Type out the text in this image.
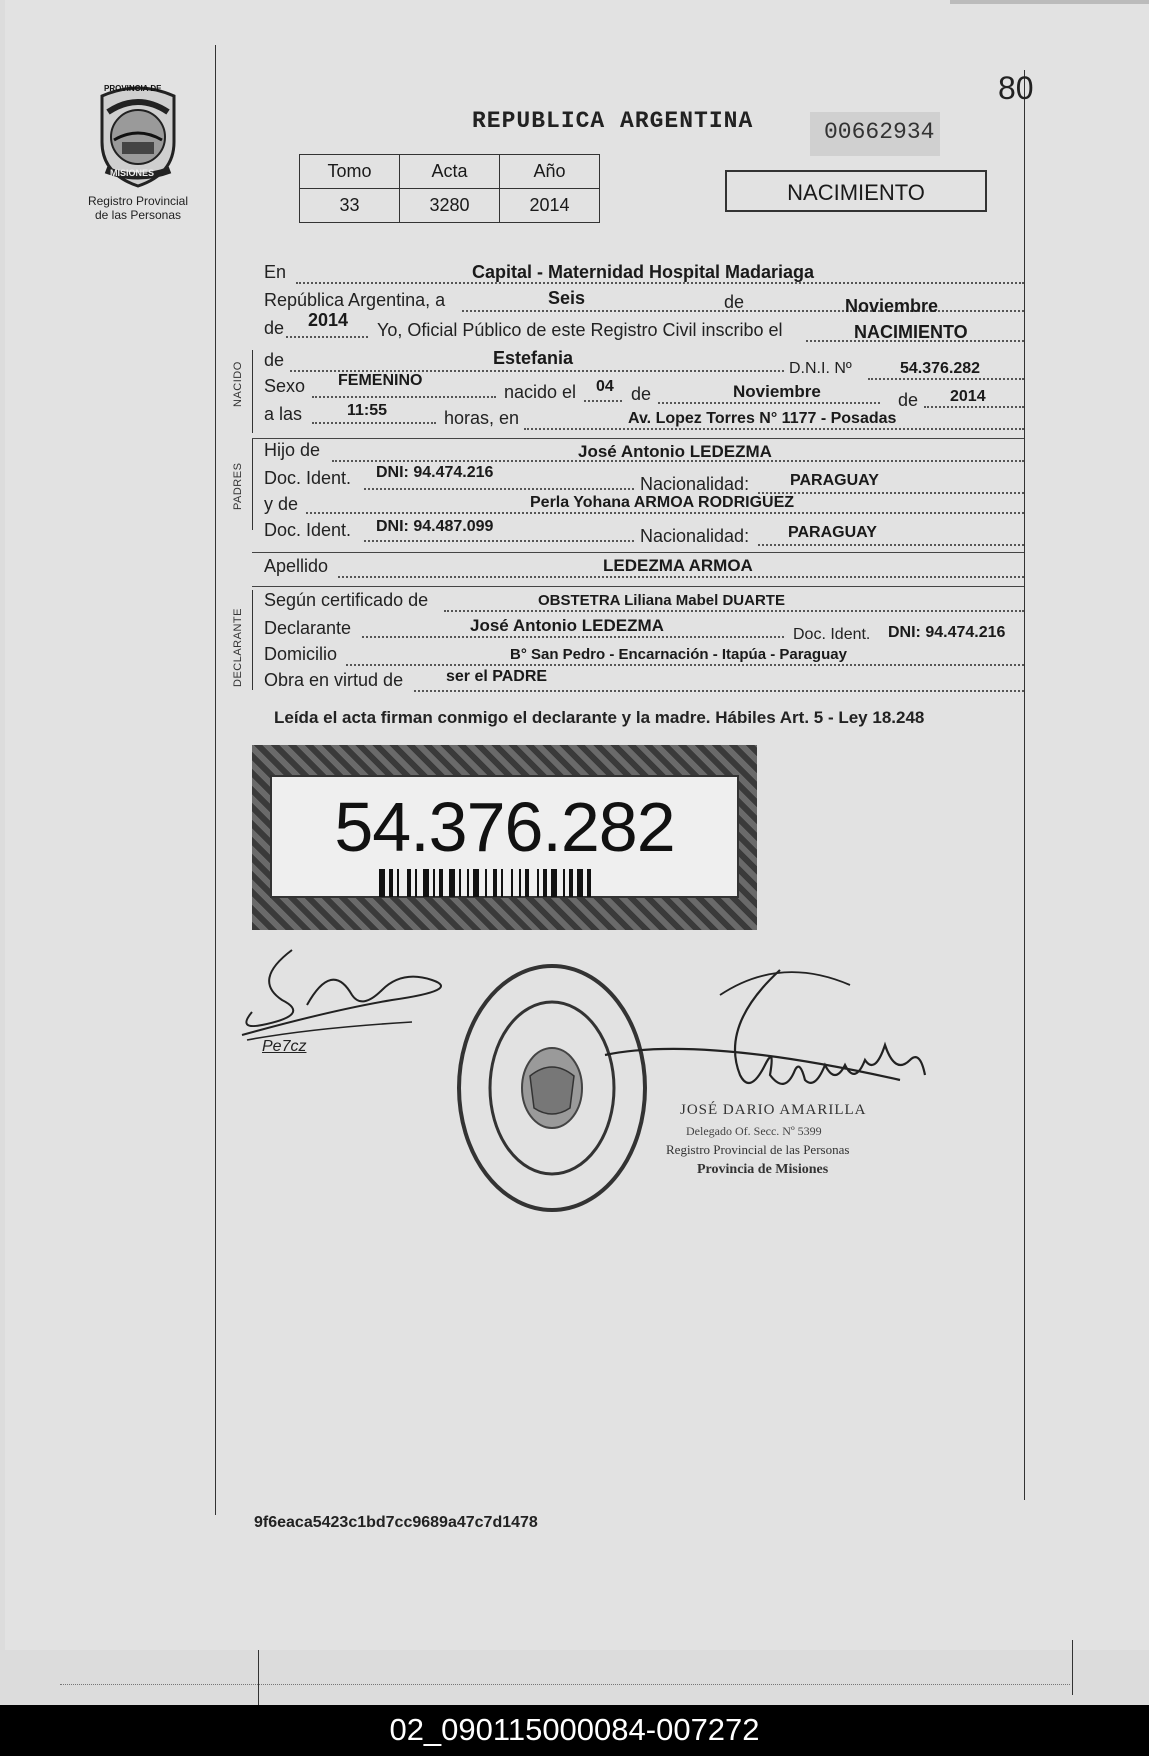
80
PROVINCIA DE
MISIONES
Registro Provincial
de las Personas
REPUBLICA ARGENTINA	00662934
Tomo	Acta	Año
33	3280	2014	NACIMIENTO
NACIDO
PADRES
DECLARANTE
En	Capital - Maternidad Hospital Madariaga
República Argentina, a	Seis	de	Noviembre
de 2014 Yo, Oficial Público de este Registro Civil inscribo el	NACIMIENTO
de	Estefania
D.N.I. Nº	54.376.282
Sexo FEMENINO
nacido el 04 de	Noviembre	de 2014
a las	11:55	horas, en	Av. Lopez Torres N° 1177 - Posadas
Hijo de	José Antonio LEDEZMA
Doc. Ident. DNI: 94.474.216
Nacionalidad:	PARAGUAY
y de	Perla Yohana ARMOA RODRIGUEZ
Doc. Ident. DNI: 94.487.099	Nacionalidad: PARAGUAY
Apellido	LEDEZMA ARMOA
Según certificado de	OBSTETRA Liliana Mabel DUARTE
Declarante	José Antonio LEDEZMA	Doc. Ident. DNI: 94.474.216
Domicilio	B° San Pedro - Encarnación - Itapúa - Paraguay
Obra en virtud de	ser el PADRE
Leída el acta firman conmigo el declarante y la madre. Hábiles Art. 5 - Ley 18.248
54.376.282
Pe7cz
JOSÉ DARIO AMARILLA
Delegado Of. Secc. Nº 5399
Registro Provincial de las Personas
Provincia de Misiones
9f6eaca5423c1bd7cc9689a47c7d1478
02_090115000084-007272
